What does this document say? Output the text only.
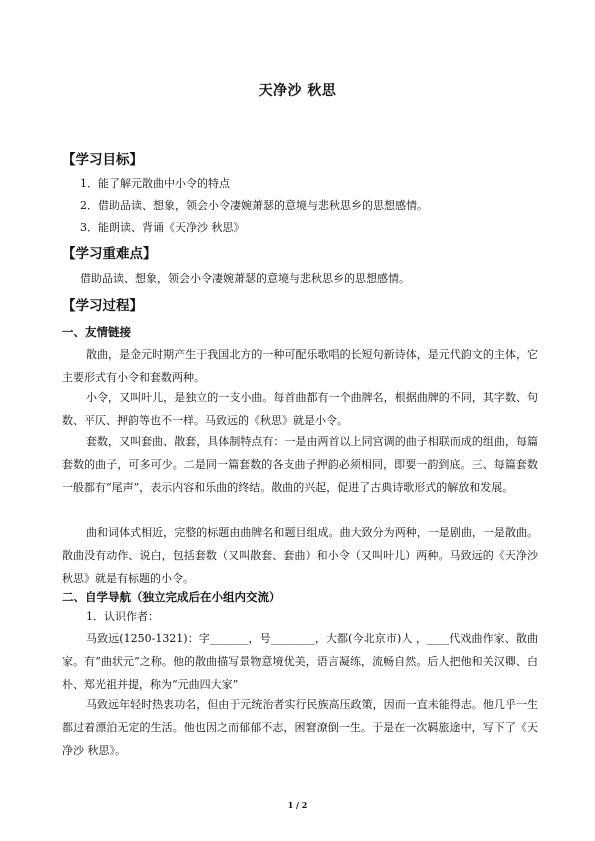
天净沙 秋思
【学习目标】
1．能了解元散曲中小令的特点
2．借助品读、想象，领会小令凄婉萧瑟的意境与悲秋思乡的思想感情。
3．能朗读、背诵《天净沙 秋思》
【学习重难点】
借助品读、想象，领会小令凄婉萧瑟的意境与悲秋思乡的思想感情。
【学习过程】
一、友情链接
散曲，是金元时期产生于我国北方的一种可配乐歌唱的长短句新诗体，是元代韵文的主体，它主要形式有小令和套数两种。
小令，又叫叶儿，是独立的一支小曲。每首曲都有一个曲牌名，根据曲牌的不同，其字数、句数、平仄、押韵等也不一样。马致远的《秋思》就是小令。
套数，又叫套曲、散套，具体制特点有：一是由两首以上同宫调的曲子相联而成的组曲，每篇套数的曲子，可多可少。二是同一篇套数的各支曲子押韵必须相同，即要一韵到底。三、每篇套数一般都有“尾声”，表示内容和乐曲的终结。散曲的兴起，促进了古典诗歌形式的解放和发展。
曲和词体式相近，完整的标题由曲牌名和题目组成。曲大致分为两种，一是剧曲，一是散曲。散曲没有动作、说白，包括套数（又叫散套、套曲）和小令（又叫叶儿）两种。马致远的《天净沙 秋思》就是有标题的小令。
二、自学导航（独立完成后在小组内交流）
1．认识作者：
马致远(1250-1321)：字_______，号________，大都(今北京市)人 ，____代戏曲作家、散曲家。有“曲状元”之称。他的散曲描写景物意境优美，语言凝练，流畅自然。后人把他和关汉卿、白朴、郑光祖并提，称为“元曲四大家”
马致远年轻时热衷功名，但由于元统治者实行民族高压政策，因而一直未能得志。他几乎一生都过着漂泊无定的生活。他也因之而郁郁不志，困窘潦倒一生。于是在一次羁旅途中，写下了《天净沙 秋思》。
1 / 2
